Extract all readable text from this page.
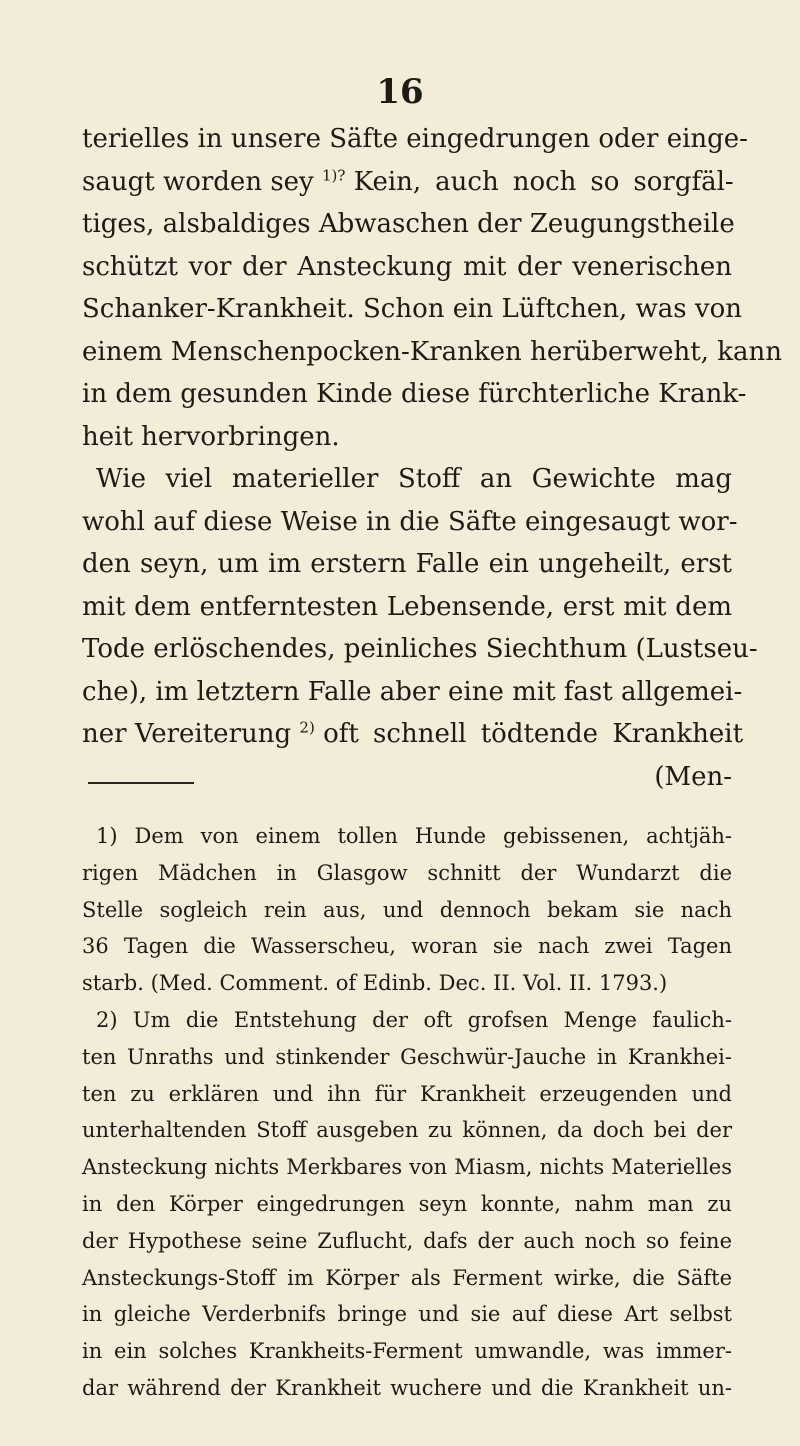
16
terielles in unsere Säfte eingedrungen oder einge-
saugt worden sey $^{1)?}$ Kein, auch noch so sorgfäl-
tiges, alsbaldiges Abwaschen der Zeugungstheile
schützt vor der Ansteckung mit der venerischen
Schanker-Krankheit. Schon ein Lüftchen, was von
einem Menschenpocken-Kranken herüberweht, kann
in dem gesunden Kinde diese fürchterliche Krank-
heit hervorbringen.
Wie viel materieller Stoff an Gewichte mag
wohl auf diese Weise in die Säfte eingesaugt wor-
den seyn, um im erstern Falle ein ungeheilt, erst
mit dem entferntesten Lebensende, erst mit dem
Tode erlöschendes, peinliches Siechthum (Lustseu-
che), im letztern Falle aber eine mit fast allgemei-
ner Vereiterung $^{2)}$ oft schnell tödtende Krankheit
(Men-
1) Dem von einem tollen Hunde gebissenen, achtjäh-
rigen Mädchen in Glasgow schnitt der Wundarzt die
Stelle sogleich rein aus, und dennoch bekam sie nach
36 Tagen die Wasserscheu, woran sie nach zwei Tagen
starb. (Med. Comment. of Edinb. Dec. II. Vol. II. 1793.)
2) Um die Entstehung der oft grofsen Menge faulich-
ten Unraths und stinkender Geschwür-Jauche in Krankhei-
ten zu erklären und ihn für Krankheit erzeugenden und
unterhaltenden Stoff ausgeben zu können, da doch bei der
Ansteckung nichts Merkbares von Miasm, nichts Materielles
in den Körper eingedrungen seyn konnte, nahm man zu
der Hypothese seine Zuflucht, dafs der auch noch so feine
Ansteckungs-Stoff im Körper als Ferment wirke, die Säfte
in gleiche Verderbnifs bringe und sie auf diese Art selbst
in ein solches Krankheits-Ferment umwandle, was immer-
dar während der Krankheit wuchere und die Krankheit un-
